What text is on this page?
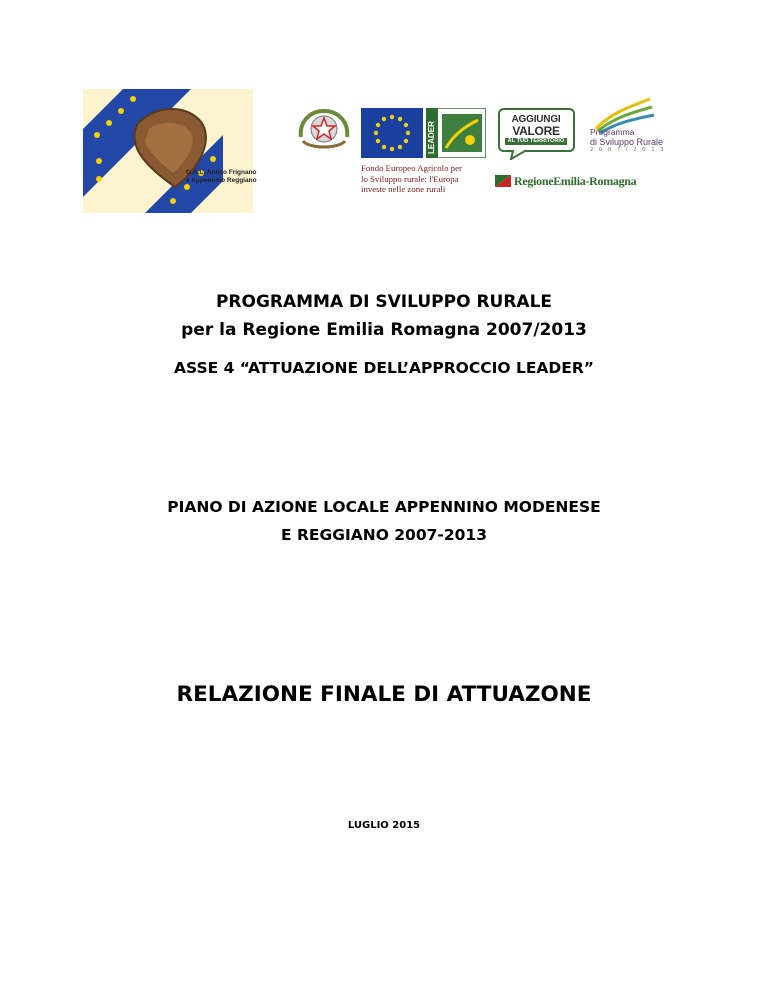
G.A.L. Antico Frignano
e Appennino Reggiano
LEADER
Fondo Europeo Agricolo per
lo Sviluppo rurale: l'Europa
investe nelle zone rurali
AGGIUNGI
VALORE
AL TUO TERRITORIO
Programma
di Sviluppo Rurale
2 0 0 7 / 2 0 1 3
RegioneEmilia-Romagna
PROGRAMMA DI SVILUPPO RURALE
per la Regione Emilia Romagna 2007/2013
ASSE 4 “ATTUAZIONE DELL’APPROCCIO LEADER”
PIANO DI AZIONE LOCALE APPENNINO MODENESE
E REGGIANO 2007-2013
RELAZIONE FINALE DI ATTUAZONE

LUGLIO 2015
